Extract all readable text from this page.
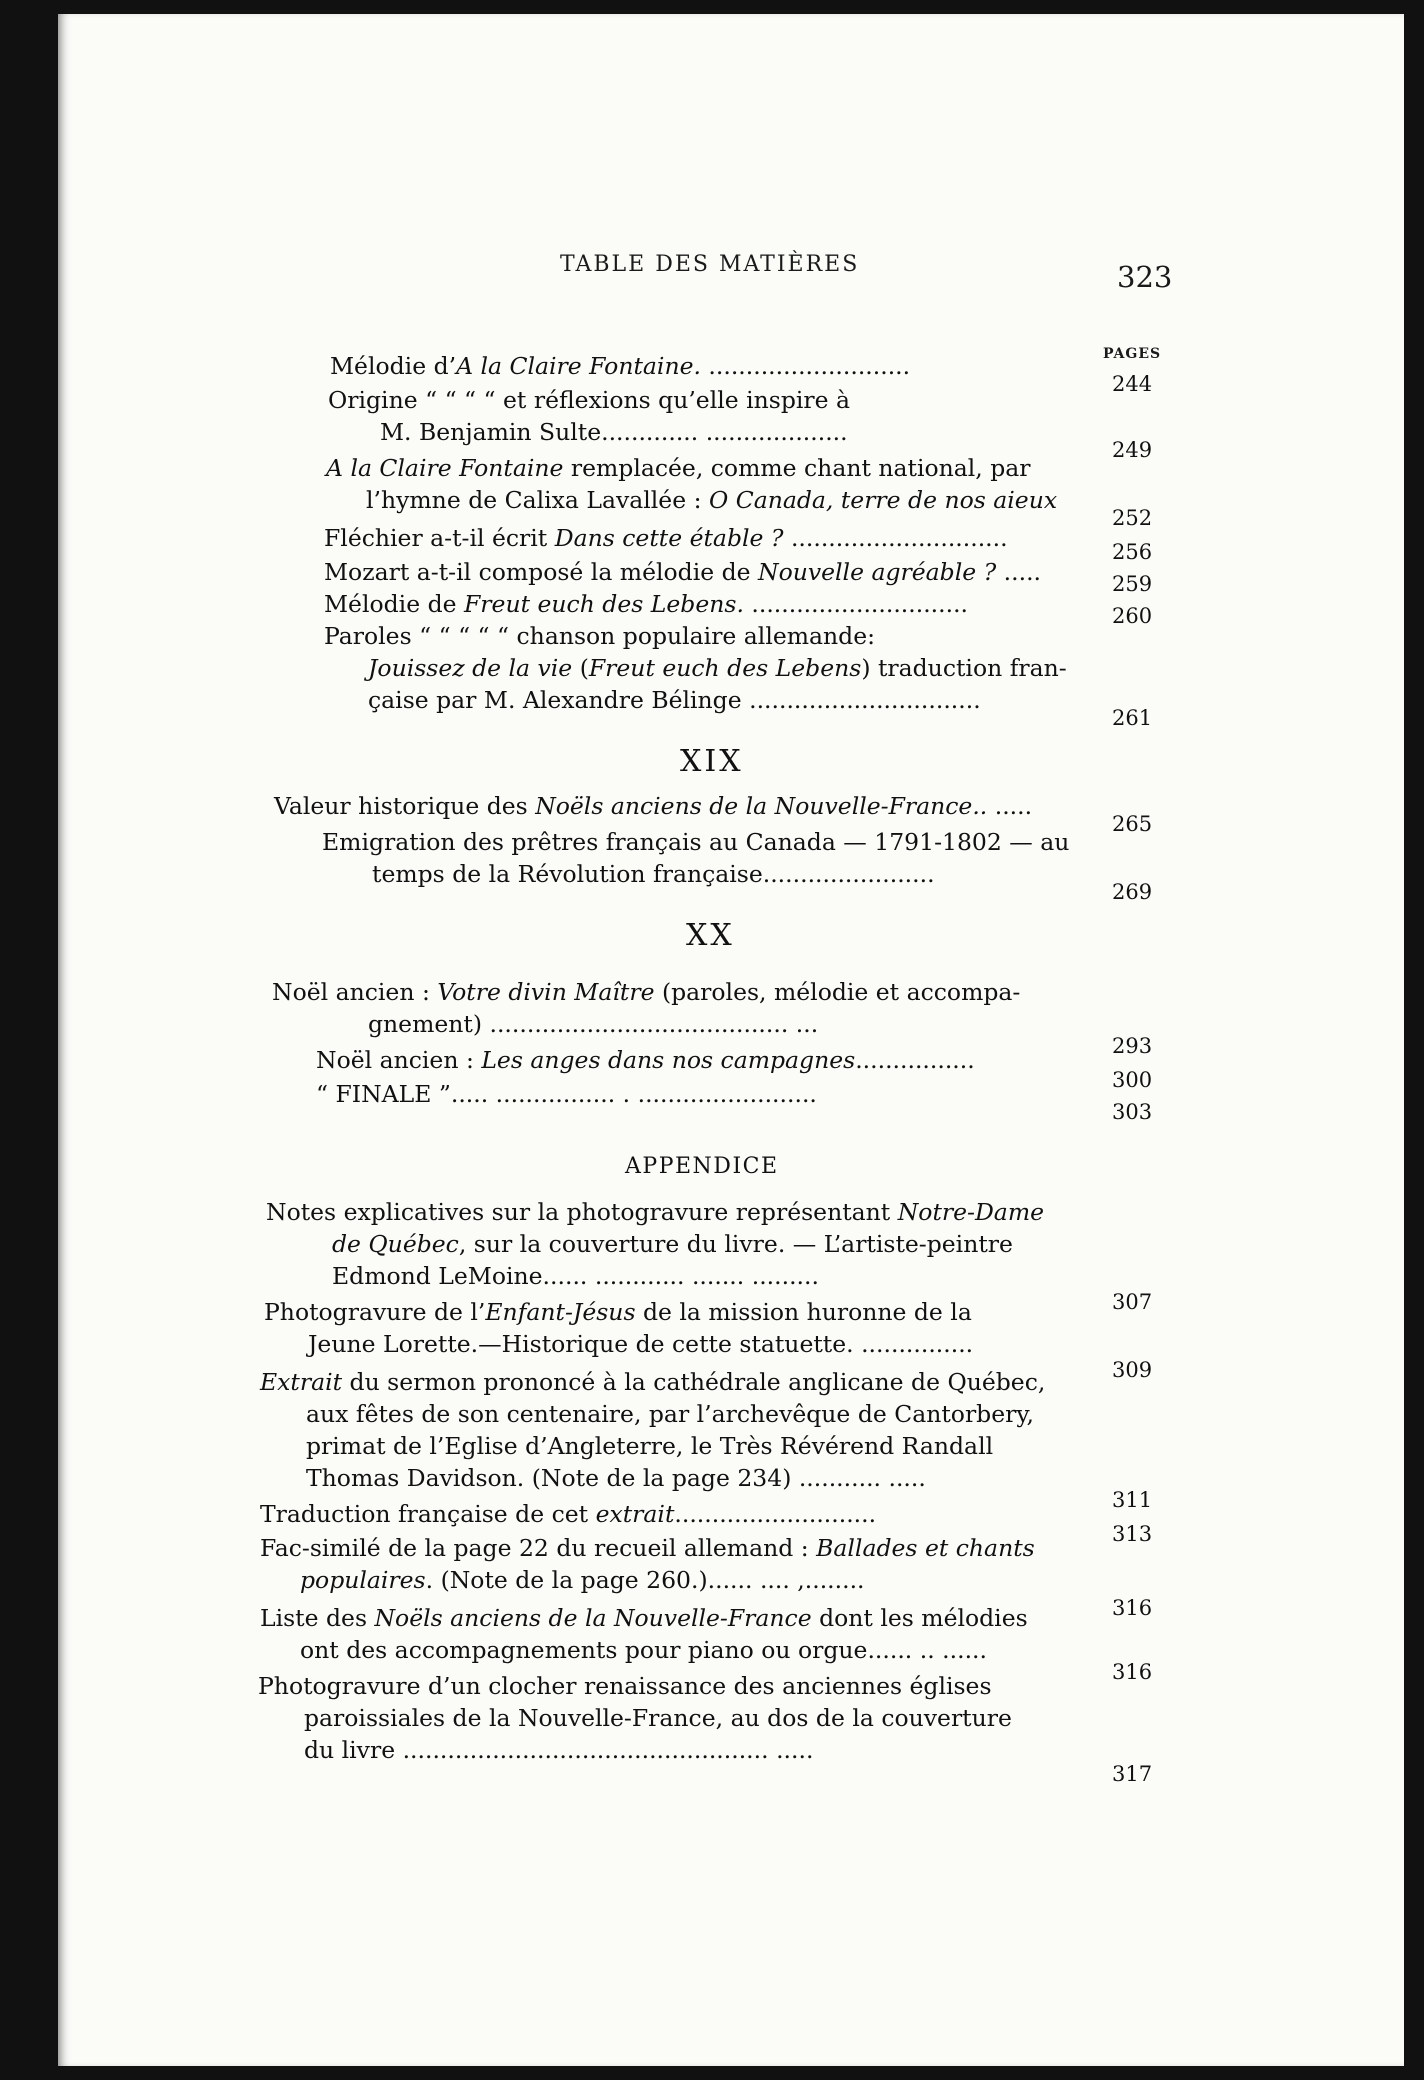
TABLE DES MATIÈRES	323
PAGES
XIX
XX
APPENDICE
Mélodie d’A la Claire Fontaine. ...........................
244
Origine “ “ “ “ et réflexions qu’elle inspire à
M. Benjamin Sulte............. ...................
249
A la Claire Fontaine remplacée, comme chant national, par
l’hymne de Calixa Lavallée : O Canada, terre de nos aieux
252
Fléchier a-t-il écrit Dans cette étable ? .............................	256
Mozart a-t-il composé la mélodie de Nouvelle agréable ? .....	259
Mélodie de Freut euch des Lebens. .............................	260
Paroles “ “ “ “ “ chanson populaire allemande:
Jouissez de la vie (Freut euch des Lebens) traduction fran-
çaise par M. Alexandre Bélinge ...............................
261
Valeur historique des Noëls anciens de la Nouvelle-France.. .....
265
Emigration des prêtres français au Canada — 1791-1802 — au
temps de la Révolution française.......................
269
Noël ancien : Votre divin Maître (paroles, mélodie et accompa-
gnement) ........................................ ...
293
Noël ancien : Les anges dans nos campagnes................
300
“ FINALE ”..... ................ . ........................
303
Notes explicatives sur la photogravure représentant Notre-Dame
de Québec, sur la couverture du livre. — L’artiste-peintre
Edmond LeMoine...... ............ ....... .........
307
Photogravure de l’Enfant-Jésus de la mission huronne de la
Jeune Lorette.—Historique de cette statuette. ...............
309
Extrait du sermon prononcé à la cathédrale anglicane de Québec,
aux fêtes de son centenaire, par l’archevêque de Cantorbery,
primat de l’Eglise d’Angleterre, le Très Révérend Randall
Thomas Davidson. (Note de la page 234) ........... .....
311
Traduction française de cet extrait...........................
313
Fac-similé de la page 22 du recueil allemand : Ballades et chants
populaires. (Note de la page 260.)...... .... ,........
316
Liste des Noëls anciens de la Nouvelle-France dont les mélodies
ont des accompagnements pour piano ou orgue...... .. ......
316
Photogravure d’un clocher renaissance des anciennes églises
paroissiales de la Nouvelle-France, au dos de la couverture
du livre ................................................. .....
317
